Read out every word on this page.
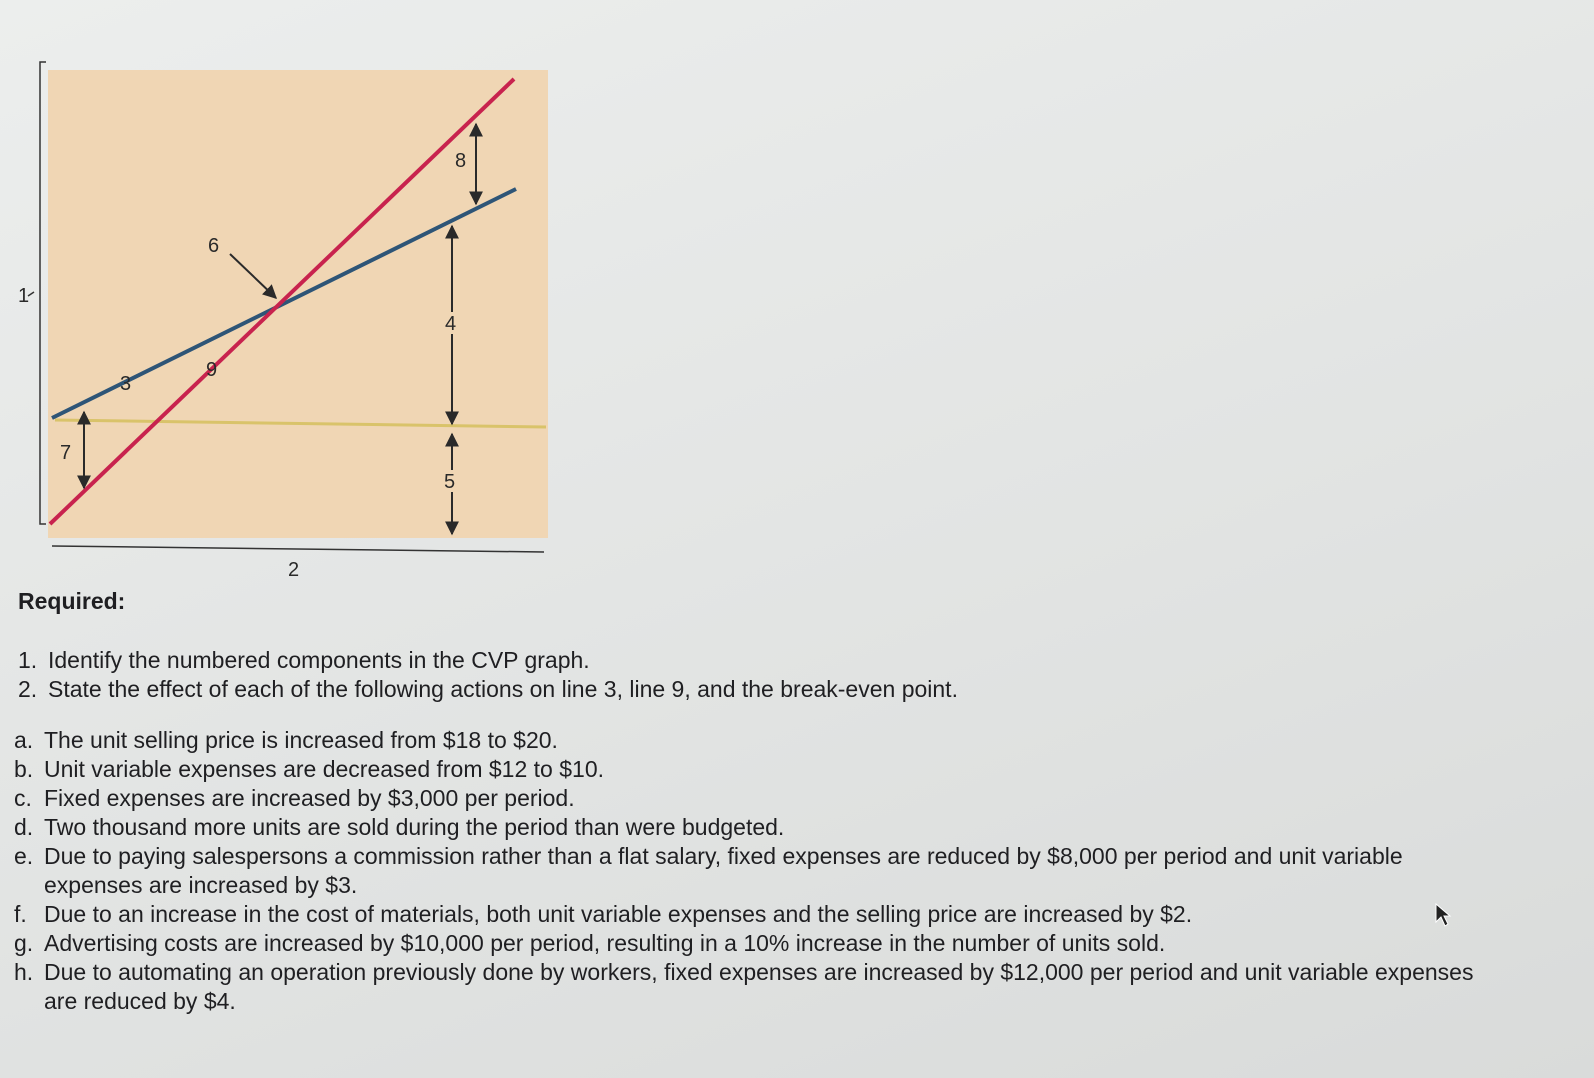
1
2
3
4
5
6
7
8
9
Required:
1. Identify the numbered components in the CVP graph.
2. State the effect of each of the following actions on line 3, line 9, and the break-even point.
a. The unit selling price is increased from $18 to $20.
b. Unit variable expenses are decreased from $12 to $10.
c. Fixed expenses are increased by $3,000 per period.
d. Two thousand more units are sold during the period than were budgeted.
e. Due to paying salespersons a commission rather than a flat salary, fixed expenses are reduced by $8,000 per period and unit variable expenses are increased by $3.
f. Due to an increase in the cost of materials, both unit variable expenses and the selling price are increased by $2.
g. Advertising costs are increased by $10,000 per period, resulting in a 10% increase in the number of units sold.
h. Due to automating an operation previously done by workers, fixed expenses are increased by $12,000 per period and unit variable expenses are reduced by $4.
